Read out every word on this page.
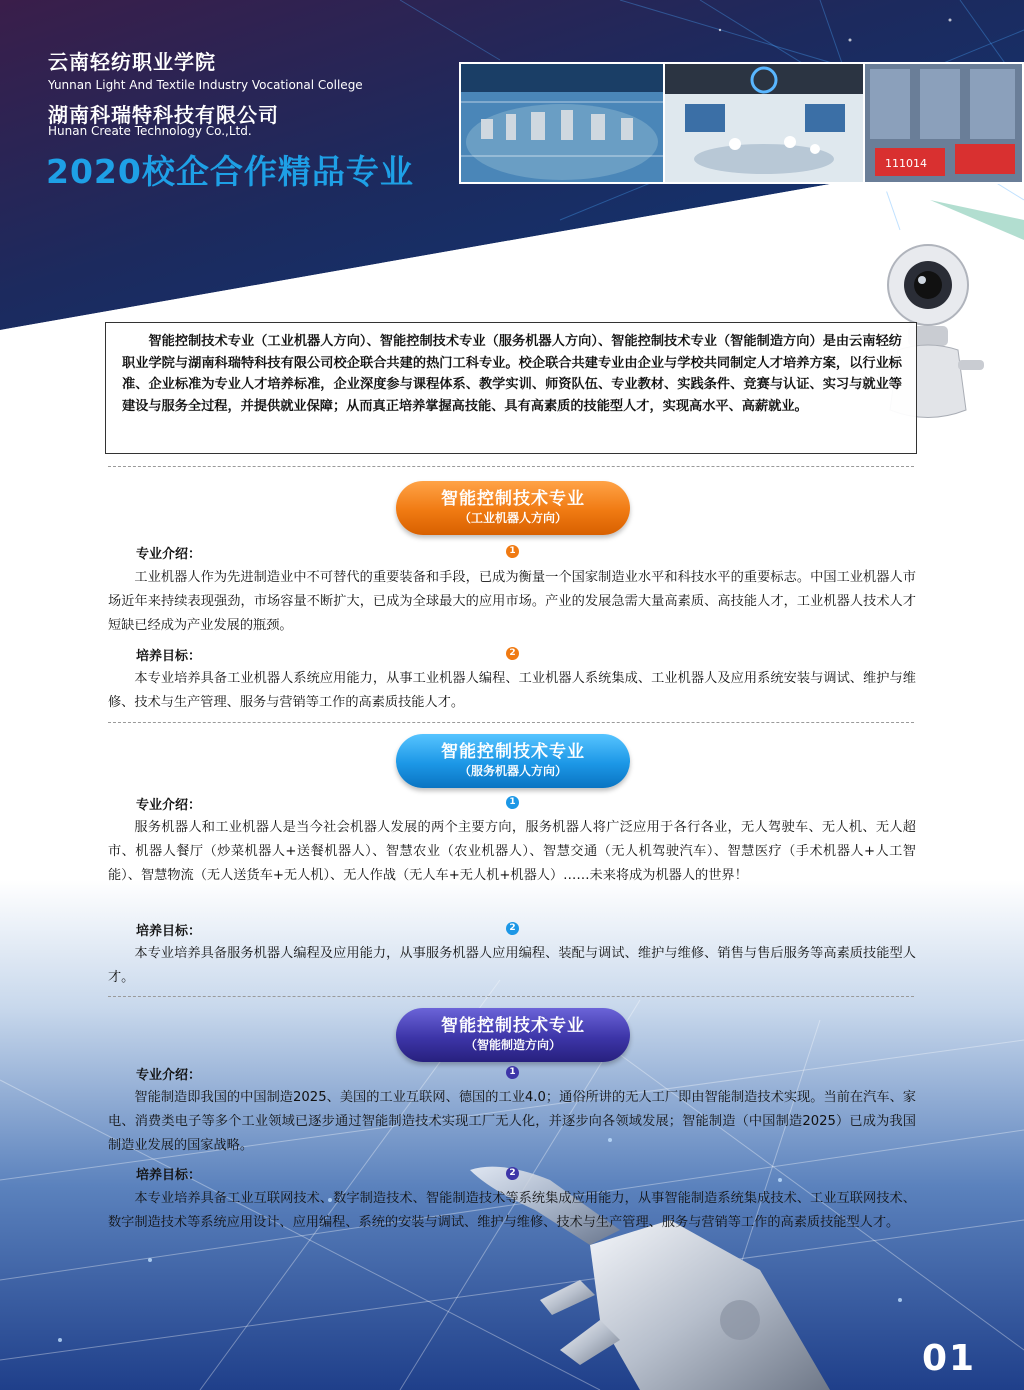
云南轻纺职业学院
Yunnan Light And Textile Industry Vocational College
湖南科瑞特科技有限公司
Hunan Create Technology Co.,Ltd.
2020校企合作精品专业	111014
智能控制技术专业（工业机器人方向）、智能控制技术专业（服务机器人方向）、智能控制技术专业（智能制造方向）是由云南轻纺职业学院与湖南科瑞特科技有限公司校企联合共建的热门工科专业。校企联合共建专业由企业与学校共同制定人才培养方案，以行业标准、企业标准为专业人才培养标准，企业深度参与课程体系、教学实训、师资队伍、专业教材、实践条件、竞赛与认证、实习与就业等建设与服务全过程，并提供就业保障；从而真正培养掌握高技能、具有高素质的技能型人才，实现高水平、高薪就业。
智能控制技术专业
（工业机器人方向）
专业介绍：	1
工业机器人作为先进制造业中不可替代的重要装备和手段，已成为衡量一个国家制造业水平和科技水平的重要标志。中国工业机器人市场近年来持续表现强劲，市场容量不断扩大，已成为全球最大的应用市场。产业的发展急需大量高素质、高技能人才，工业机器人技术人才短缺已经成为产业发展的瓶颈。
培养目标：	2
本专业培养具备工业机器人系统应用能力，从事工业机器人编程、工业机器人系统集成、工业机器人及应用系统安装与调试、维护与维修、技术与生产管理、服务与营销等工作的高素质技能人才。
智能控制技术专业
（服务机器人方向）
专业介绍：	1
服务机器人和工业机器人是当今社会机器人发展的两个主要方向，服务机器人将广泛应用于各行各业，无人驾驶车、无人机、无人超市、机器人餐厅（炒菜机器人+送餐机器人）、智慧农业（农业机器人）、智慧交通（无人机驾驶汽车）、智慧医疗（手术机器人+人工智能）、智慧物流（无人送货车+无人机）、无人作战（无人车+无人机+机器人）……未来将成为机器人的世界！
培养目标：	2
本专业培养具备服务机器人编程及应用能力，从事服务机器人应用编程、装配与调试、维护与维修、销售与售后服务等高素质技能型人才。
智能控制技术专业
（智能制造方向）
专业介绍：	1
智能制造即我国的中国制造2025、美国的工业互联网、德国的工业4.0；通俗所讲的无人工厂即由智能制造技术实现。当前在汽车、家电、消费类电子等多个工业领域已逐步通过智能制造技术实现工厂无人化，并逐步向各领域发展；智能制造（中国制造2025）已成为我国制造业发展的国家战略。
培养目标：	2
本专业培养具备工业互联网技术、数字制造技术、智能制造技术等系统集成应用能力，从事智能制造系统集成技术、工业互联网技术、数字制造技术等系统应用设计、应用编程、系统的安装与调试、维护与维修、技术与生产管理、服务与营销等工作的高素质技能型人才。
01
